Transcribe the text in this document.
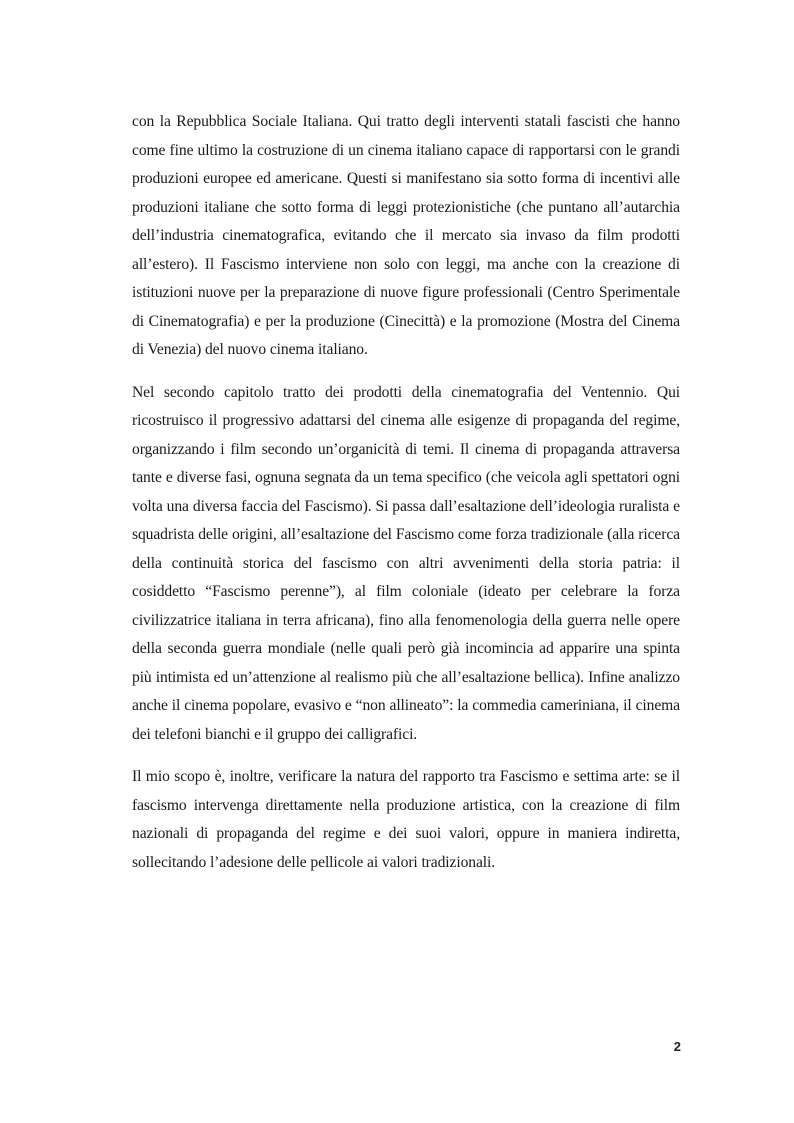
con la Repubblica Sociale Italiana. Qui tratto degli interventi statali fascisti che hanno come fine ultimo la costruzione di un cinema italiano capace di rapportarsi con le grandi produzioni europee ed americane. Questi si manifestano sia sotto forma di incentivi alle produzioni italiane che sotto forma di leggi protezionistiche (che puntano all’autarchia dell’industria cinematografica, evitando che il mercato sia invaso da film prodotti all’estero). Il Fascismo interviene non solo con leggi, ma anche con la creazione di istituzioni nuove per la preparazione di nuove figure professionali (Centro Sperimentale di Cinematografia) e per la produzione (Cinecittà) e la promozione (Mostra del Cinema di Venezia) del nuovo cinema italiano.

Nel secondo capitolo tratto dei prodotti della cinematografia del Ventennio. Qui ricostruisco il progressivo adattarsi del cinema alle esigenze di propaganda del regime, organizzando i film secondo un’organicità di temi. Il cinema di propaganda attraversa tante e diverse fasi, ognuna segnata da un tema specifico (che veicola agli spettatori ogni volta una diversa faccia del Fascismo). Si passa dall’esaltazione dell’ideologia ruralista e squadrista delle origini, all’esaltazione del Fascismo come forza tradizionale (alla ricerca della continuità storica del fascismo con altri avvenimenti della storia patria: il cosiddetto “Fascismo perenne”), al film coloniale (ideato per celebrare la forza civilizzatrice italiana in terra africana), fino alla fenomenologia della guerra nelle opere della seconda guerra mondiale (nelle quali però già incomincia ad apparire una spinta più intimista ed un’attenzione al realismo più che all’esaltazione bellica). Infine analizzo anche il cinema popolare, evasivo e “non allineato”: la commedia cameriniana, il cinema dei telefoni bianchi e il gruppo dei calligrafici.

Il mio scopo è, inoltre, verificare la natura del rapporto tra Fascismo e settima arte: se il fascismo intervenga direttamente nella produzione artistica, con la creazione di film nazionali di propaganda del regime e dei suoi valori, oppure in maniera indiretta, sollecitando l’adesione delle pellicole ai valori tradizionali.

2
